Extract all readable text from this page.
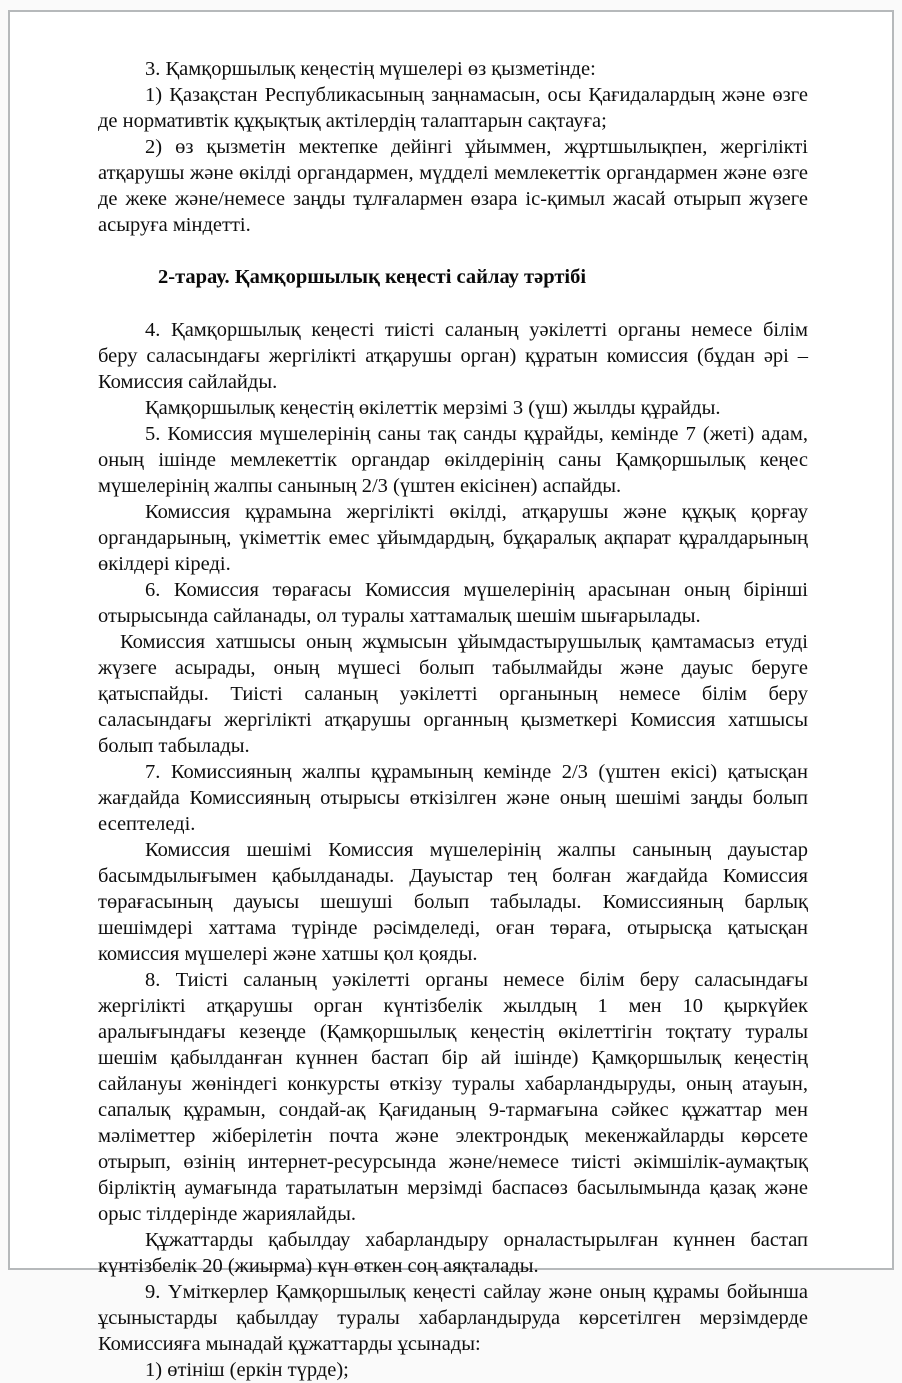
3. Қамқоршылық кеңестің мүшелері өз қызметінде:

1) Қазақстан Республикасының заңнамасын, осы Қағидалардың және өзге де нормативтік құқықтық актілердің талаптарын сақтауға;

2) өз қызметін мектепке дейінгі ұйыммен, жұртшылықпен, жергілікті атқарушы және өкілді органдармен, мүдделі мемлекеттік органдармен және өзге де жеке және/немесе заңды тұлғалармен өзара іс-қимыл жасай отырып жүзеге асыруға міндетті.

2-тарау. Қамқоршылық кеңесті сайлау тәртібі

4. Қамқоршылық кеңесті тиісті саланың уәкілетті органы немесе білім беру саласындағы жергілікті атқарушы орган) құратын комиссия (бұдан әрі – Комиссия сайлайды.

Қамқоршылық кеңестің өкілеттік мерзімі 3 (үш) жылды құрайды.

5. Комиссия мүшелерінің саны тақ санды құрайды, кемінде 7 (жеті) адам, оның ішінде мемлекеттік органдар өкілдерінің саны Қамқоршылық кеңес мүшелерінің жалпы санының 2/3 (үштен екісінен) аспайды.

Комиссия құрамына жергілікті өкілді, атқарушы және құқық қорғау органдарының, үкіметтік емес ұйымдардың, бұқаралық ақпарат құралдарының өкілдері кіреді.

6. Комиссия төрағасы Комиссия мүшелерінің арасынан оның бірінші отырысында сайланады, ол туралы хаттамалық шешім шығарылады.

Комиссия хатшысы оның жұмысын ұйымдастырушылық қамтамасыз етуді жүзеге асырады, оның мүшесі болып табылмайды және дауыс беруге қатыспайды. Тиісті саланың уәкілетті органының немесе білім беру саласындағы жергілікті атқарушы органның қызметкері Комиссия хатшысы болып табылады.

7. Комиссияның жалпы құрамының кемінде 2/3 (үштен екісі) қатысқан жағдайда Комиссияның отырысы өткізілген және оның шешімі заңды болып есептеледі.

Комиссия шешімі Комиссия мүшелерінің жалпы санының дауыстар басымдылығымен қабылданады. Дауыстар тең болған жағдайда Комиссия төрағасының дауысы шешуші болып табылады. Комиссияның барлық шешімдері хаттама түрінде рәсімделеді, оған төраға, отырысқа қатысқан комиссия мүшелері және хатшы қол қояды.

8. Тиісті саланың уәкілетті органы немесе білім беру саласындағы жергілікті атқарушы орган күнтізбелік жылдың 1 мен 10 қыркүйек аралығындағы кезеңде (Қамқоршылық кеңестің өкілеттігін тоқтату туралы шешім қабылданған күннен бастап бір ай ішінде) Қамқоршылық кеңестің сайлануы жөніндегі конкурсты өткізу туралы хабарландыруды, оның атауын, сапалық құрамын, сондай-ақ Қағиданың 9-тармағына сәйкес құжаттар мен мәліметтер жіберілетін почта және электрондық мекенжайларды көрсете отырып, өзінің интернет-ресурсында және/немесе тиісті әкімшілік-аумақтық бірліктің аумағында таратылатын мерзімді баспасөз басылымында қазақ және орыс тілдерінде жариялайды.

Құжаттарды қабылдау хабарландыру орналастырылған күннен бастап күнтізбелік 20 (жиырма) күн өткен соң аяқталады.

9. Үміткерлер Қамқоршылық кеңесті сайлау және оның құрамы бойынша ұсыныстарды қабылдау туралы хабарландыруда көрсетілген мерзімдерде Комиссияға мынадай құжаттарды ұсынады:

1) өтініш (еркін түрде);
